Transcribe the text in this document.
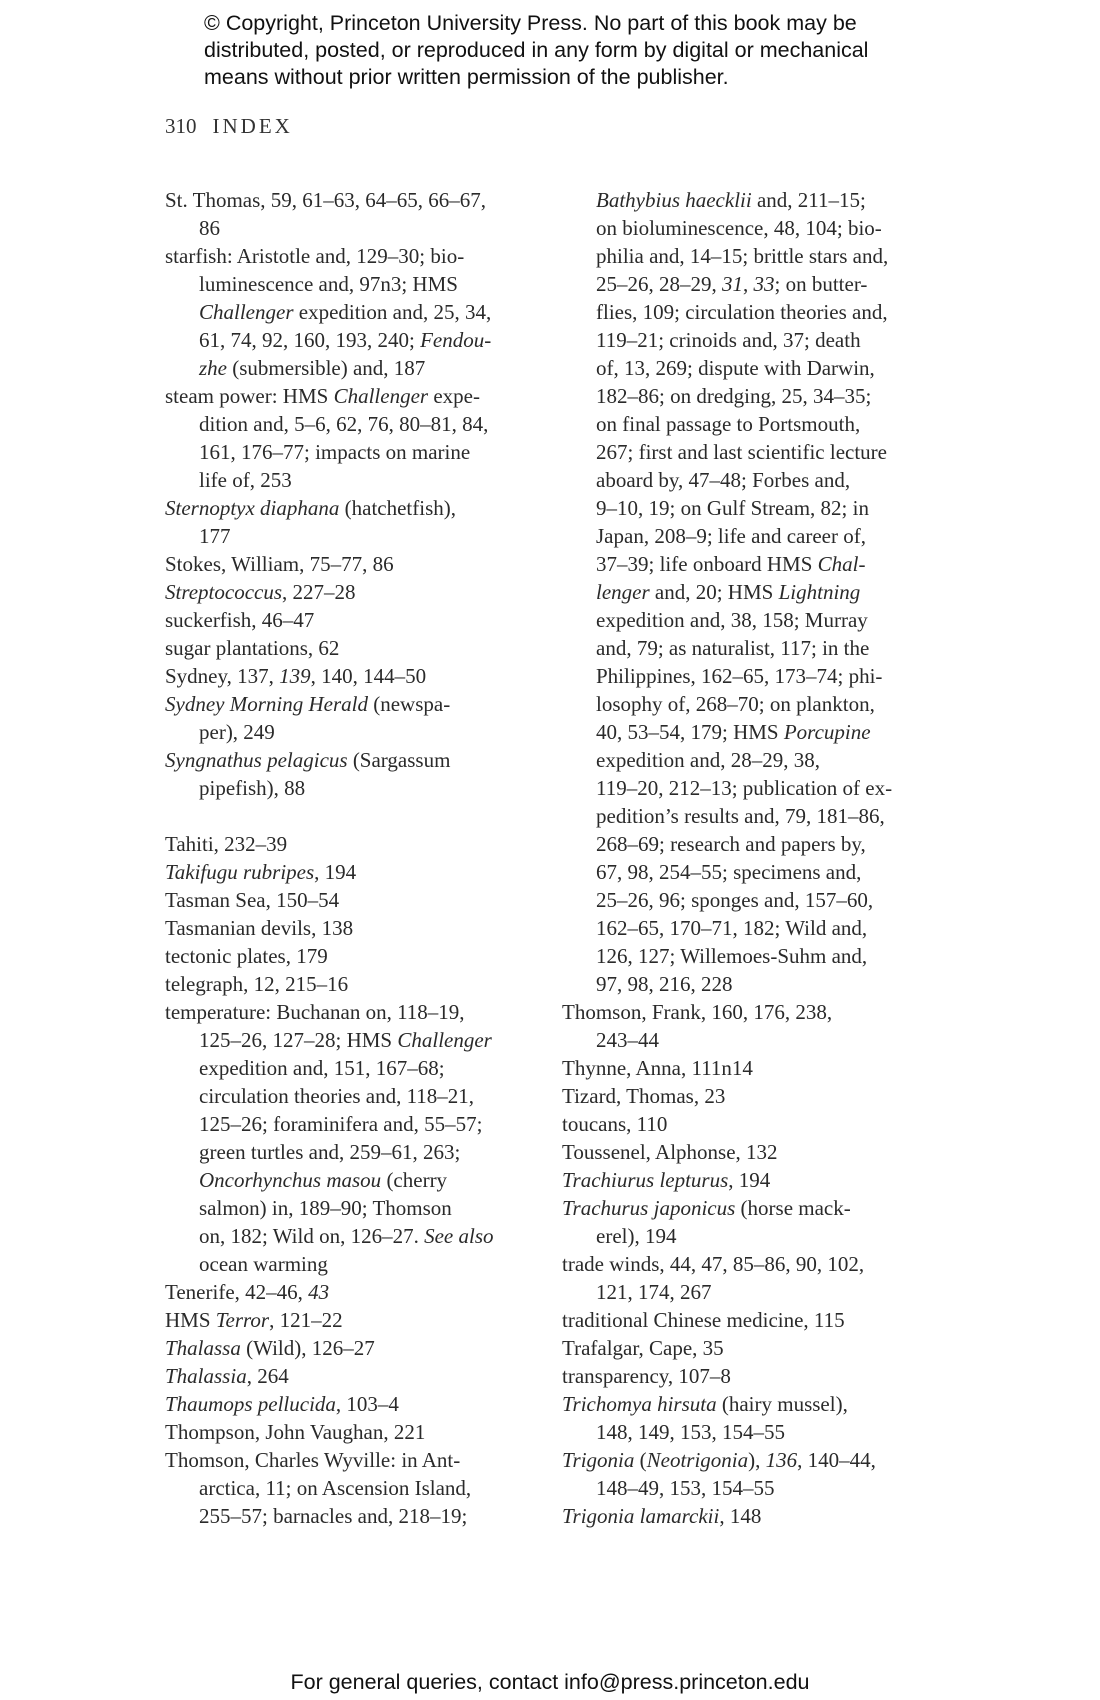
© Copyright, Princeton University Press. No part of this book may be
distributed, posted, or reproduced in any form by digital or mechanical
means without prior written permission of the publisher.
310 INDEX
St. Thomas, 59, 61–63, 64–65, 66–67,
86
starfish: Aristotle and, 129–30; bio-
luminescence and, 97n3; HMS
Challenger expedition and, 25, 34,
61, 74, 92, 160, 193, 240; Fendou-
zhe (submersible) and, 187
steam power: HMS Challenger expe-
dition and, 5–6, 62, 76, 80–81, 84,
161, 176–77; impacts on marine
life of, 253
Sternoptyx diaphana (hatchetfish),
177
Stokes, William, 75–77, 86
Streptococcus, 227–28
suckerfish, 46–47
sugar plantations, 62
Sydney, 137, 139, 140, 144–50
Sydney Morning Herald (newspa-
per), 249
Syngnathus pelagicus (Sargassum
pipefish), 88
Tahiti, 232–39
Takifugu rubripes, 194
Tasman Sea, 150–54
Tasmanian devils, 138
tectonic plates, 179
telegraph, 12, 215–16
temperature: Buchanan on, 118–19,
125–26, 127–28; HMS Challenger
expedition and, 151, 167–68;
circulation theories and, 118–21,
125–26; foraminifera and, 55–57;
green turtles and, 259–61, 263;
Oncorhynchus masou (cherry
salmon) in, 189–90; Thomson
on, 182; Wild on, 126–27. See also
ocean warming
Tenerife, 42–46, 43
HMS Terror, 121–22
Thalassa (Wild), 126–27
Thalassia, 264
Thaumops pellucida, 103–4
Thompson, John Vaughan, 221
Thomson, Charles Wyville: in Ant-
arctica, 11; on Ascension Island,
255–57; barnacles and, 218–19;
Bathybius haecklii and, 211–15;
on bioluminescence, 48, 104; bio-
philia and, 14–15; brittle stars and,
25–26, 28–29, 31, 33; on butter-
flies, 109; circulation theories and,
119–21; crinoids and, 37; death
of, 13, 269; dispute with Darwin,
182–86; on dredging, 25, 34–35;
on final passage to Portsmouth,
267; first and last scientific lecture
aboard by, 47–48; Forbes and,
9–10, 19; on Gulf Stream, 82; in
Japan, 208–9; life and career of,
37–39; life onboard HMS Chal-
lenger and, 20; HMS Lightning
expedition and, 38, 158; Murray
and, 79; as naturalist, 117; in the
Philippines, 162–65, 173–74; phi-
losophy of, 268–70; on plankton,
40, 53–54, 179; HMS Porcupine
expedition and, 28–29, 38,
119–20, 212–13; publication of ex-
pedition’s results and, 79, 181–86,
268–69; research and papers by,
67, 98, 254–55; specimens and,
25–26, 96; sponges and, 157–60,
162–65, 170–71, 182; Wild and,
126, 127; Willemoes-Suhm and,
97, 98, 216, 228
Thomson, Frank, 160, 176, 238,
243–44
Thynne, Anna, 111n14
Tizard, Thomas, 23
toucans, 110
Toussenel, Alphonse, 132
Trachiurus lepturus, 194
Trachurus japonicus (horse mack-
erel), 194
trade winds, 44, 47, 85–86, 90, 102,
121, 174, 267
traditional Chinese medicine, 115
Trafalgar, Cape, 35
transparency, 107–8
Trichomya hirsuta (hairy mussel),
148, 149, 153, 154–55
Trigonia (Neotrigonia), 136, 140–44,
148–49, 153, 154–55
Trigonia lamarckii, 148
For general queries, contact info@press.princeton.edu
